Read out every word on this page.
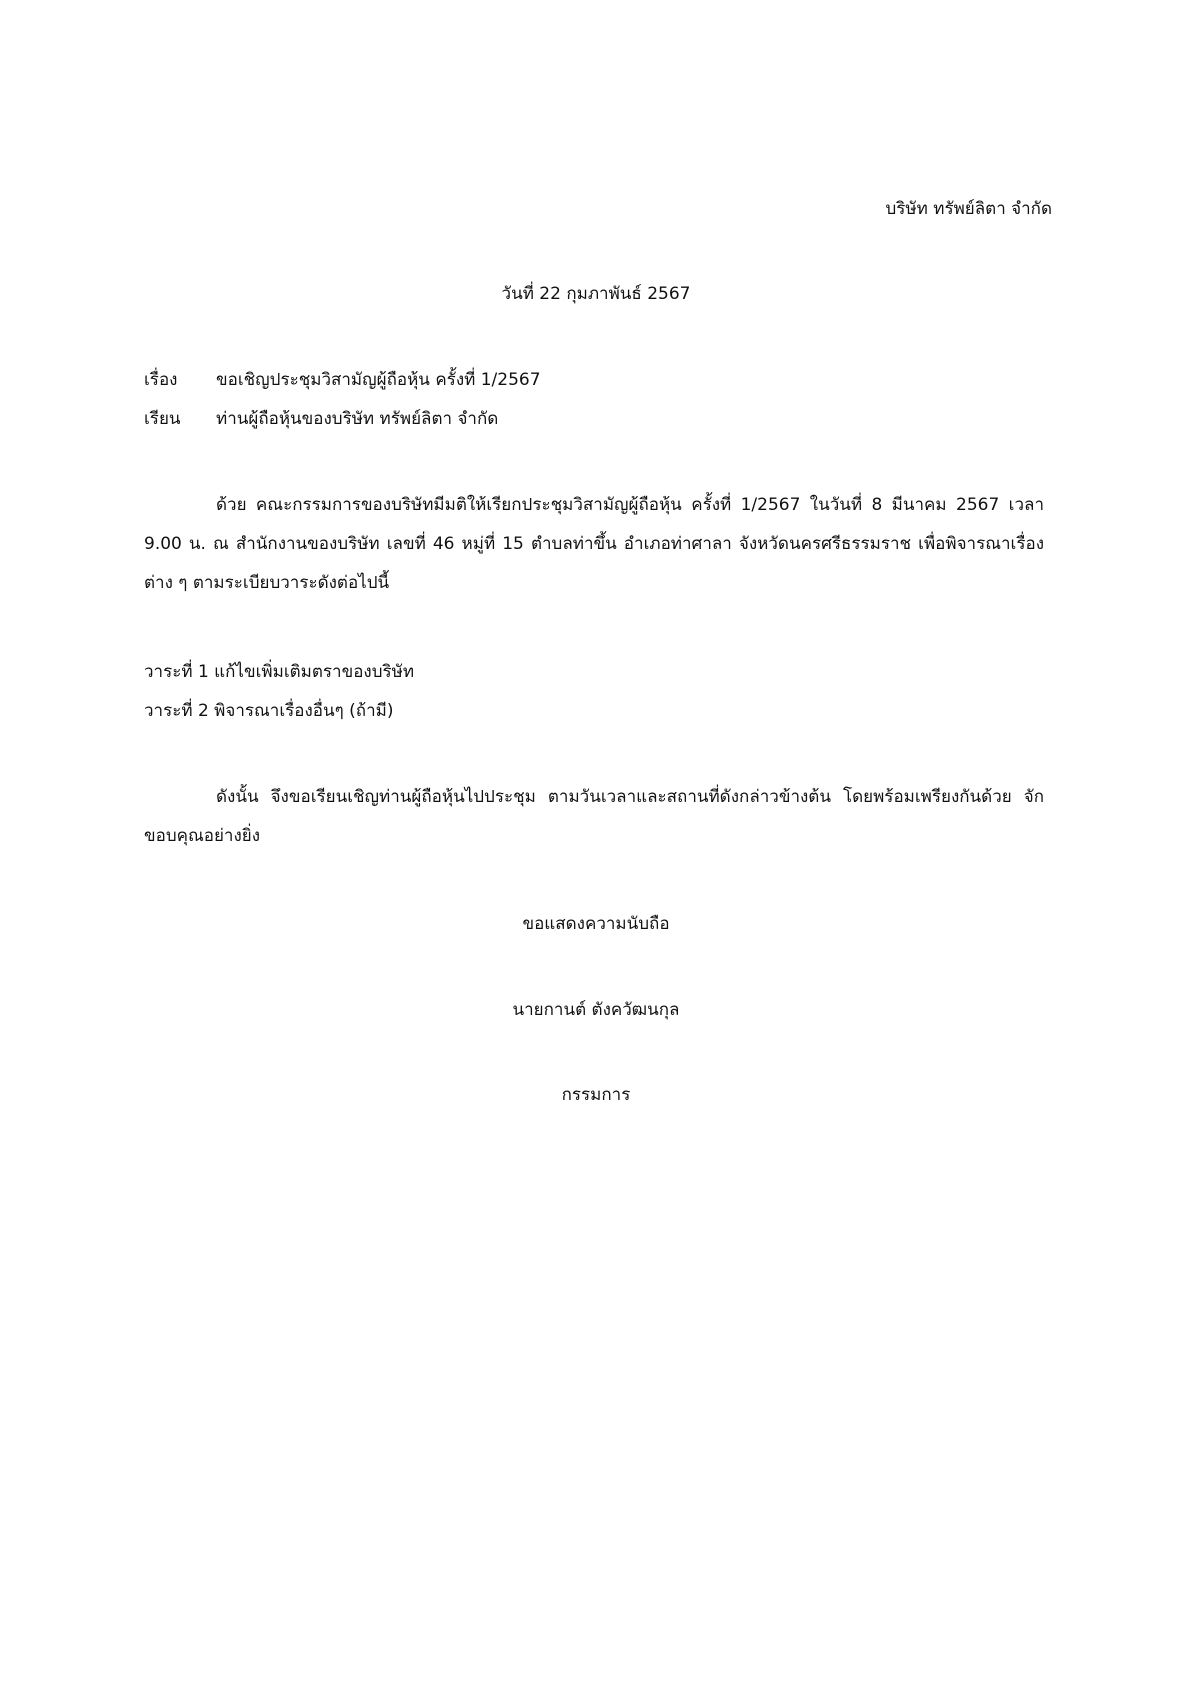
บริษัท ทรัพย์ลิตา จำกัด
วันที่ 22 กุมภาพันธ์ 2567
เรื่อง ขอเชิญประชุมวิสามัญผู้ถือหุ้น ครั้งที่ 1/2567
เรียน ท่านผู้ถือหุ้นของบริษัท ทรัพย์ลิตา จำกัด
ด้วย คณะกรรมการของบริษัทมีมติให้เรียกประชุมวิสามัญผู้ถือหุ้น ครั้งที่ 1/2567 ในวันที่ 8 มีนาคม 2567 เวลา 9.00 น. ณ สำนักงานของบริษัท เลขที่ 46 หมู่ที่ 15 ตำบลท่าขึ้น อำเภอท่าศาลา จังหวัดนครศรีธรรมราช เพื่อพิจารณาเรื่องต่าง ๆ ตามระเบียบวาระดังต่อไปนี้
วาระที่ 1 แก้ไขเพิ่มเติมตราของบริษัท
วาระที่ 2 พิจารณาเรื่องอื่นๆ (ถ้ามี)
ดังนั้น จึงขอเรียนเชิญท่านผู้ถือหุ้นไปประชุม ตามวันเวลาและสถานที่ดังกล่าวข้างต้น โดยพร้อมเพรียงกันด้วย จักขอบคุณอย่างยิ่ง
ขอแสดงความนับถือ
นายกานต์ ตังควัฒนกุล
กรรมการ
